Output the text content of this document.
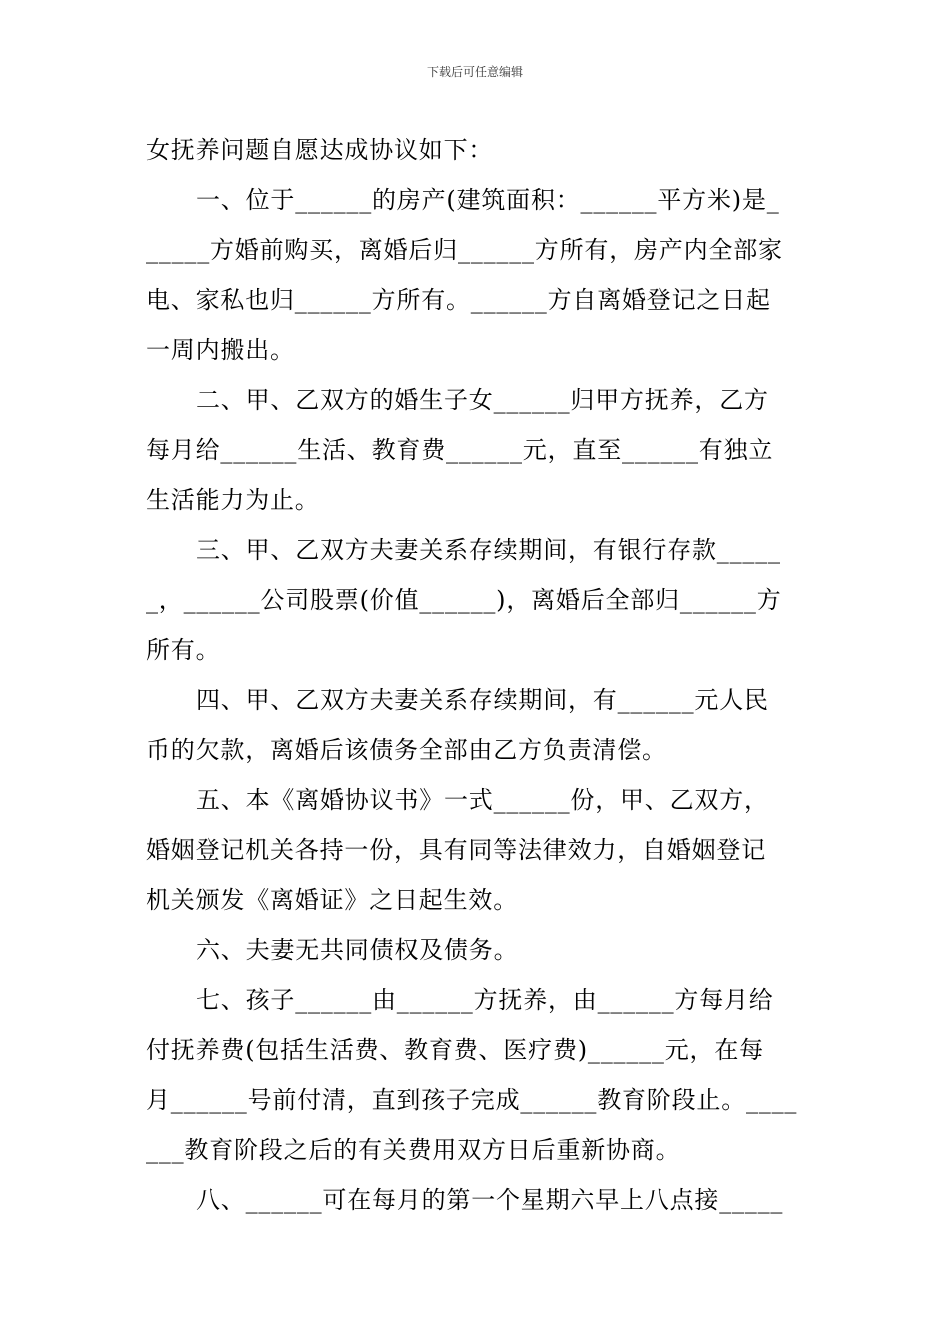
下载后可任意编辑
女抚养问题自愿达成协议如下：
一、位于______的房产(建筑面积：______平方米)是_
_____方婚前购买，离婚后归______方所有，房产内全部家
电、家私也归______方所有。______方自离婚登记之日起
一周内搬出。
二、甲、乙双方的婚生子女______归甲方抚养，乙方
每月给______生活、教育费______元，直至______有独立
生活能力为止。
三、甲、乙双方夫妻关系存续期间，有银行存款_____
_，______公司股票(价值______)，离婚后全部归______方
所有。
四、甲、乙双方夫妻关系存续期间，有______元人民
币的欠款，离婚后该债务全部由乙方负责清偿。
五、本《离婚协议书》一式______份，甲、乙双方，
婚姻登记机关各持一份，具有同等法律效力，自婚姻登记
机关颁发《离婚证》之日起生效。
六、夫妻无共同债权及债务。
七、孩子______由______方抚养，由______方每月给
付抚养费(包括生活费、教育费、医疗费)______元，在每
月______号前付清，直到孩子完成______教育阶段止。____
___教育阶段之后的有关费用双方日后重新协商。
八、______可在每月的第一个星期六早上八点接_____
